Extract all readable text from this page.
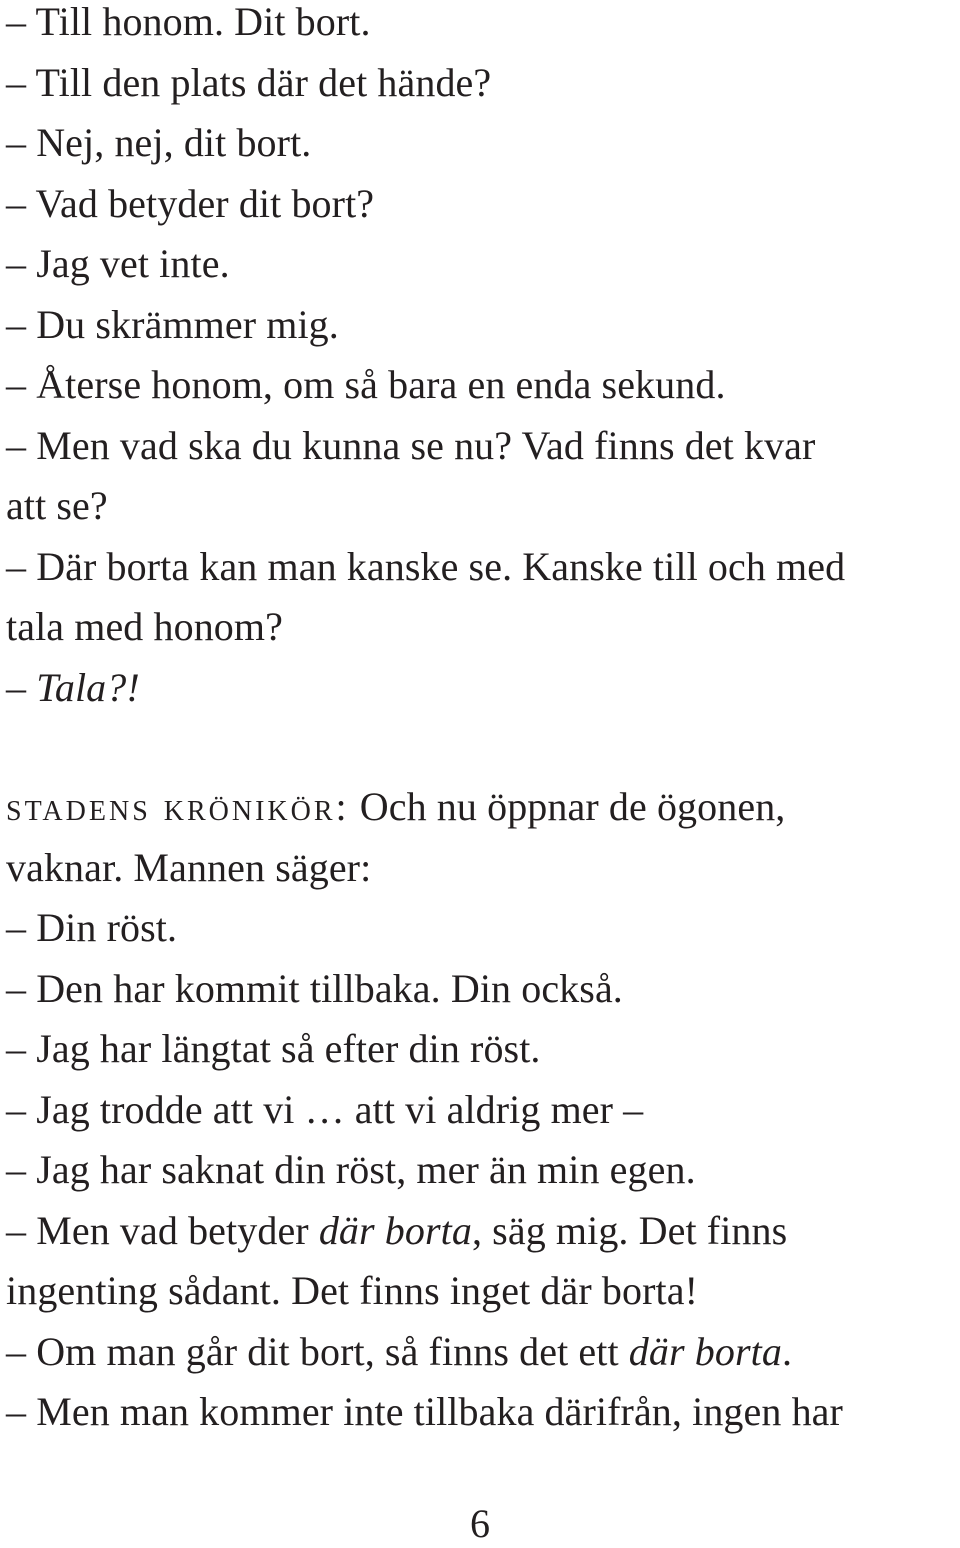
– Till honom. Dit bort.
– Till den plats där det hände?
– Nej, nej, dit bort.
– Vad betyder dit bort?
– Jag vet inte.
– Du skrämmer mig.
– Återse honom, om så bara en enda sekund.
– Men vad ska du kunna se nu? Vad finns det kvar
att se?
– Där borta kan man kanske se. Kanske till och med
tala med honom?
– Tala?!
stadens krönikör: Och nu öppnar de ögonen,
vaknar. Mannen säger:
– Din röst.
– Den har kommit tillbaka. Din också.
– Jag har längtat så efter din röst.
– Jag trodde att vi … att vi aldrig mer –
– Jag har saknat din röst, mer än min egen.
– Men vad betyder där borta, säg mig. Det finns
ingenting sådant. Det finns inget där borta!
– Om man går dit bort, så finns det ett där borta.
– Men man kommer inte tillbaka därifrån, ingen har
6
